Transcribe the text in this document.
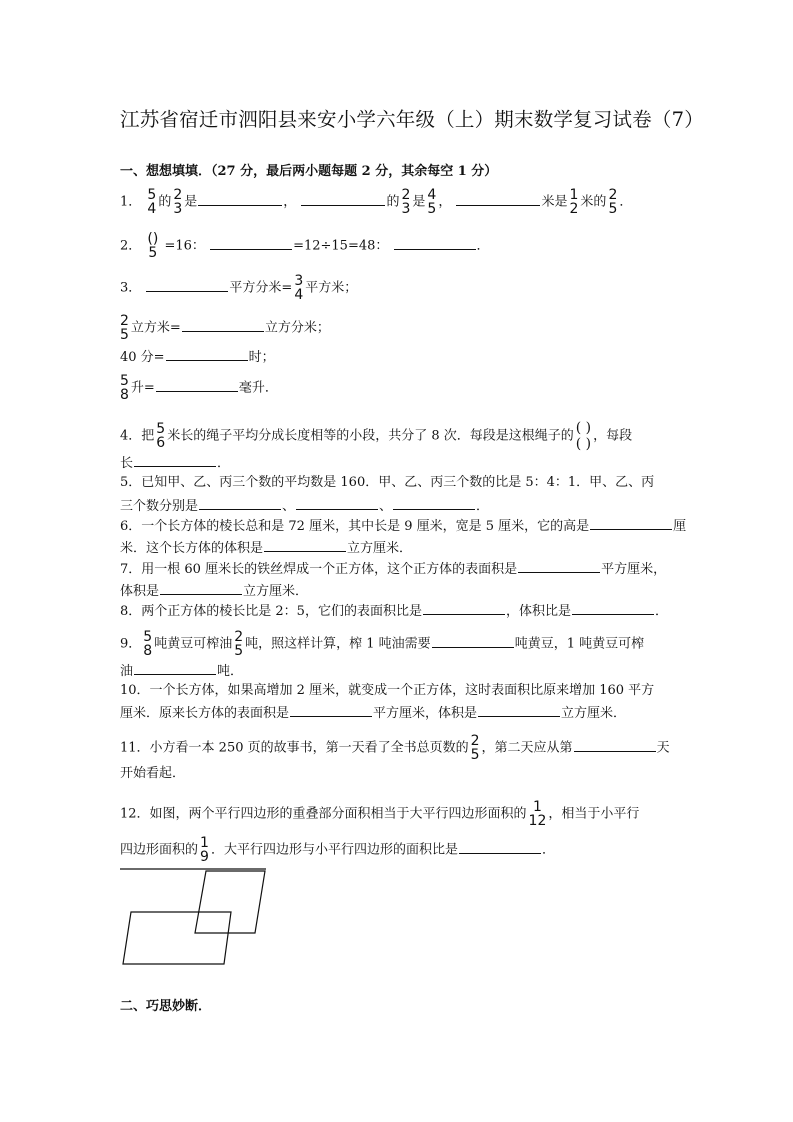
江苏省宿迁市泗阳县来安小学六年级（上）期末数学复习试卷（7）
一、想想填填．（27 分，最后两小题每题 2 分，其余每空 1 分）
1． 5
4 的 2
3 是	，	的 2
3 是 4
5 ，	米是 1
2 米的 2
5 ．
2． ()
5 =16：	=12÷15=48：	．
3．	平方分米= 3
4 平方米；
2
5 立方米=	立方分米；
40 分=	时；
5
8 升=	毫升．
4．把 5
6 米长的绳子平均分成长度相等的小段，共分了 8 次．每段是这根绳子的 ( )
( ) ，每段
长	．
5．已知甲、乙、丙三个数的平均数是 160．甲、乙、丙三个数的比是 5：4：1．甲、乙、丙
三个数分别是	、	、	．
6．一个长方体的棱长总和是 72 厘米，其中长是 9 厘米，宽是 5 厘米，它的高是	厘
米．这个长方体的体积是	立方厘米．
7．用一根 60 厘米长的铁丝焊成一个正方体，这个正方体的表面积是	平方厘米，
体积是	立方厘米．
8．两个正方体的棱长比是 2：5，它们的表面积比是	，体积比是	．
9． 5
8 吨黄豆可榨油 2
5 吨，照这样计算，榨 1 吨油需要	吨黄豆，1 吨黄豆可榨
油	吨．
10．一个长方体，如果高增加 2 厘米，就变成一个正方体，这时表面积比原来增加 160 平方
厘米．原来长方体的表面积是	平方厘米，体积是	立方厘米．
11．小方看一本 250 页的故事书，第一天看了全书总页数的 2
5 ，第二天应从第	天
开始看起．
12．如图，两个平行四边形的重叠部分面积相当于大平行四边形面积的 1
12 ，相当于小平行
四边形面积的 1
9 ．大平行四边形与小平行四边形的面积比是	．
二、巧思妙断．
